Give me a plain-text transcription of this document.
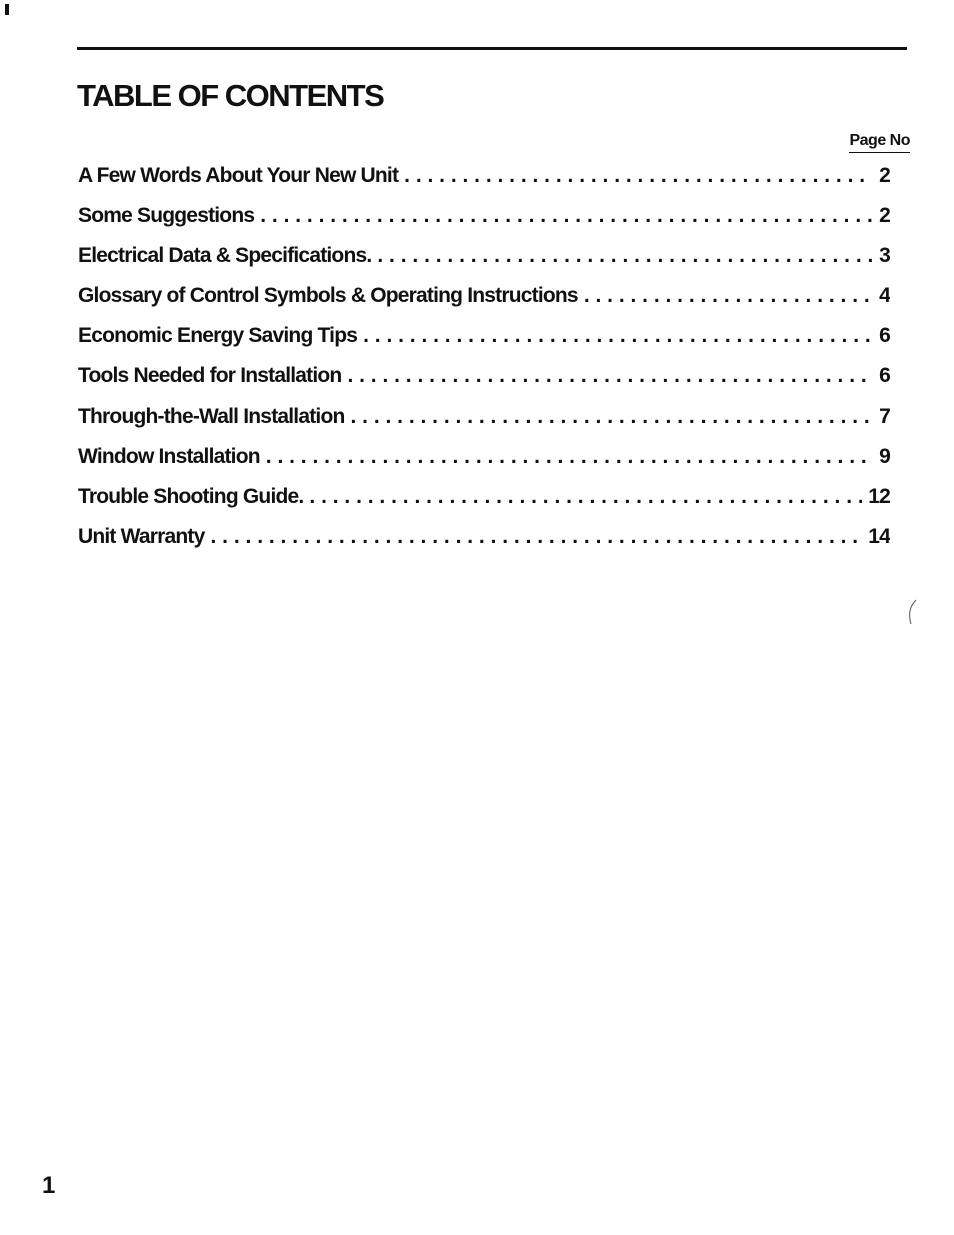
TABLE OF CONTENTS
Page No
A Few Words About Your New Unit . . .	2
Some Suggestions . . .	2
Electrical Data & Specifications. . . .	3
Glossary of Control Symbols & Operating Instructions . . .	4
Economic Energy Saving Tips . . .	6
Tools Needed for Installation . . .	6
Through-the-Wall Installation . . .	7
Window Installation . . .	9
Trouble Shooting Guide. . . .	12
Unit Warranty . . .	14
1
